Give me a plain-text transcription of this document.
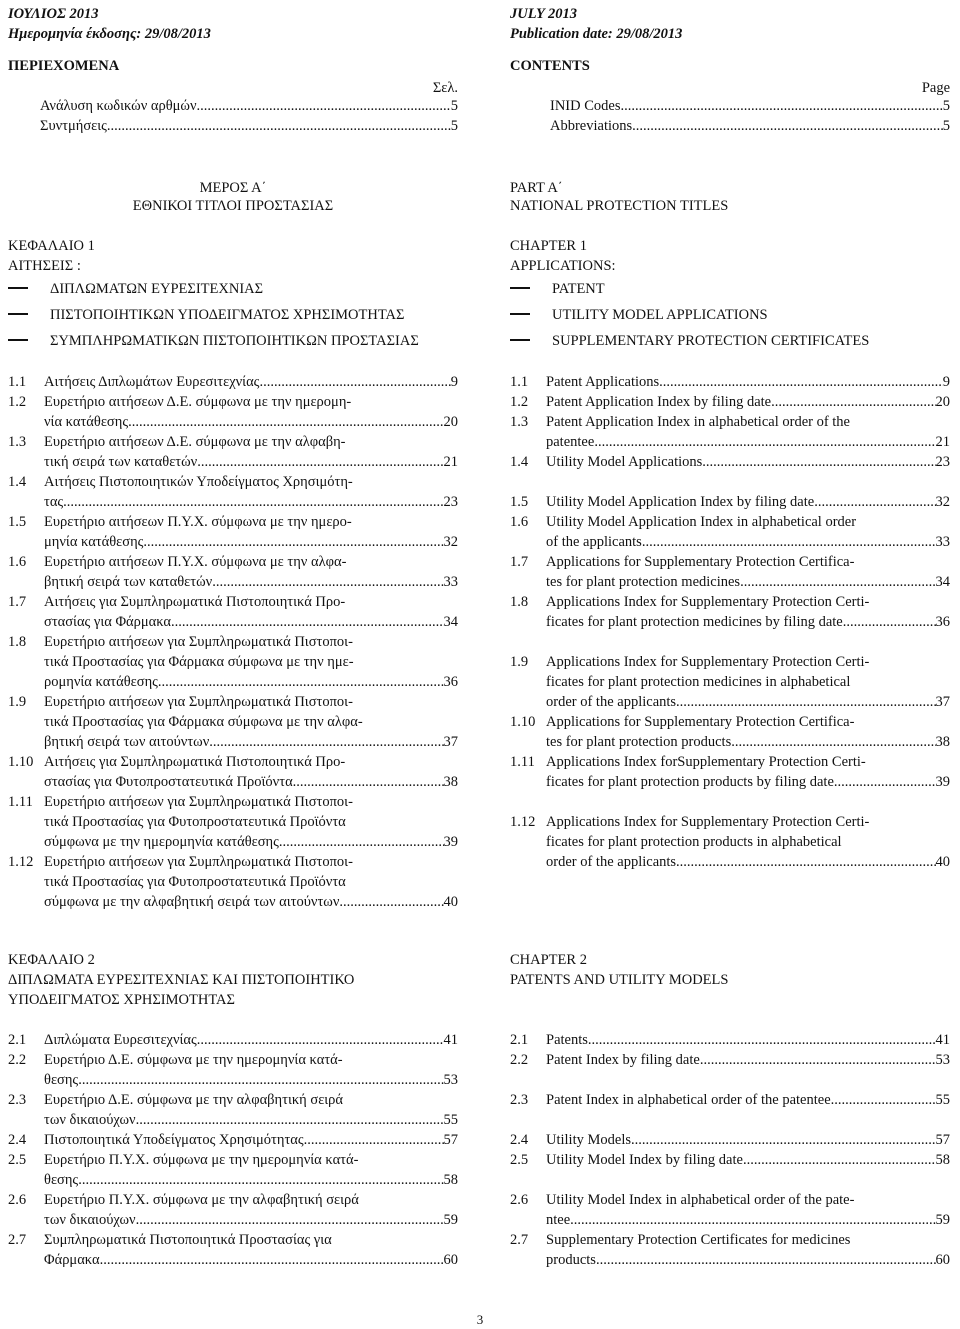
ΙΟΥΛΙΟΣ 2013
Ημερομηνία έκδοσης: 29/08/2013
ΠΕΡΙΕΧΟΜΕΝΑ
Σελ.
Ανάλυση κωδικών αρθμών .....	5
Συντμήσεις .....	5
ΜΕΡΟΣ Α΄
ΕΘΝΙΚΟΙ ΤΙΤΛΟΙ ΠΡΟΣΤΑΣΙΑΣ
ΚΕΦΑΛΑΙΟ 1
ΑΙΤΗΣΕΙΣ :
ΔΙΠΛΩΜΑΤΩΝ ΕΥΡΕΣΙΤΕΧΝΙΑΣ
ΠΙΣΤΟΠΟΙΗΤΙΚΩΝ ΥΠΟΔΕΙΓΜΑΤΟΣ ΧΡΗΣΙΜΟΤΗΤΑΣ
ΣΥΜΠΛΗΡΩΜΑΤΙΚΩΝ ΠΙΣΤΟΠΟΙΗΤΙΚΩΝ ΠΡΟΣΤΑΣΙΑΣ
1.1	Αιτήσεις Διπλωμάτων Ευρεσιτεχνίας .....	9
1.2	Ευρετήριο αιτήσεων Δ.Ε. σύμφωνα με την ημερομη-
νία κατάθεσης .....	20
1.3	Ευρετήριο αιτήσεων Δ.Ε. σύμφωνα με την αλφαβη-
τική σειρά των καταθετών .....	21
1.4	Αιτήσεις Πιστοποιητικών Υποδείγματος Χρησιμότη-
τας .....	23
1.5	Ευρετήριο αιτήσεων Π.Υ.Χ. σύμφωνα με την ημερο-
μηνία κατάθεσης .....	32
1.6	Ευρετήριο αιτήσεων Π.Υ.Χ. σύμφωνα με την αλφα-
βητική σειρά των καταθετών .....	33
1.7	Αιτήσεις για Συμπληρωματικά Πιστοποιητικά Προ-
στασίας για Φάρμακα .....	34
1.8	Ευρετήριο αιτήσεων για Συμπληρωματικά Πιστοποι-
τικά Προστασίας για Φάρμακα σύμφωνα με την ημε-
ρομηνία κατάθεσης .....	36
1.9	Ευρετήριο αιτήσεων για Συμπληρωματικά Πιστοποι-
τικά Προστασίας για Φάρμακα σύμφωνα με την αλφα-
βητική σειρά των αιτούντων .....	37
1.10 Αιτήσεις για Συμπληρωματικά Πιστοποιητικά Προ-
στασίας για Φυτοπροστατευτικά Προϊόντα .....	38
1.11 Ευρετήριο αιτήσεων για Συμπληρωματικά Πιστοποι-
τικά Προστασίας για Φυτοπροστατευτικά Προϊόντα
σύμφωνα με την ημερομηνία κατάθεσης .....	39
1.12 Ευρετήριο αιτήσεων για Συμπληρωματικά Πιστοποι-
τικά Προστασίας για Φυτοπροστατευτικά Προϊόντα
σύμφωνα με την αλφαβητική σειρά των αιτούντων .....	40
ΚΕΦΑΛΑΙΟ 2
ΔΙΠΛΩΜΑΤΑ ΕΥΡΕΣΙΤΕΧΝΙΑΣ ΚΑΙ ΠΙΣΤΟΠΟΙΗΤΙΚΟ
ΥΠΟΔΕΙΓΜΑΤΟΣ ΧΡΗΣΙΜΟΤΗΤΑΣ
2.1	Διπλώματα Ευρεσιτεχνίας .....	41
2.2	Ευρετήριο Δ.Ε. σύμφωνα με την ημερομηνία κατά-
θεσης .....	53
2.3	Ευρετήριο Δ.Ε. σύμφωνα με την αλφαβητική σειρά
των δικαιούχων .....	55
2.4	Πιστοποιητικά Υποδείγματος Χρησιμότητας .....	57
2.5	Ευρετήριο Π.Υ.Χ. σύμφωνα με την ημερομηνία κατά-
θεσης .....	58
2.6	Ευρετήριο Π.Υ.Χ. σύμφωνα με την αλφαβητική σειρά
των δικαιούχων .....	59
2.7	Συμπληρωματικά Πιστοποιητικά Προστασίας για
Φάρμακα .....	60
JULY 2013
Publication date: 29/08/2013
CONTENTS
Page
INID Codes .....	5
Abbreviations .....	5
PART A΄
NATIONAL PROTECTION TITLES
CHAPTER 1
APPLICATIONS:
PATENT
UTILITY MODEL APPLICATIONS
SUPPLEMENTARY PROTECTION CERTIFICATES
1.1	Patent Applications .....	9
1.2	Patent Application Index by filing date .....	20
1.3	Patent Application Index in alphabetical order of the
patentee .....	21
1.4	Utility Model Applications .....	23
1.5	Utility Model Application Index by filing date .....	32
1.6	Utility Model Application Index in alphabetical order
of the applicants .....	33
1.7	Applications for Supplementary Protection Certifica-
tes for plant protection medicines .....	34
1.8	Applications Index for Supplementary Protection Certi-
ficates for plant protection medicines by filing date .....	36
1.9	Applications Index for Supplementary Protection Certi-
ficates for plant protection medicines in alphabetical
order of the applicants .....	37
1.10 Applications for Supplementary Protection Certifica-
tes for plant protection products .....	38
1.11 Applications Index forSupplementary Protection Certi-
ficates for plant protection products by filing date .....	39
1.12 Applications Index for Supplementary Protection Certi-
ficates for plant protection products in alphabetical
order of the applicants .....	40
CHAPTER 2
PATENTS AND UTILITY MODELS
2.1	Patents .....	41
2.2	Patent Index by filing date .....	53
2.3	Patent Index in alphabetical order of the patentee .....	55
2.4	Utility Models .....	57
2.5	Utility Model Index by filing date .....	58
2.6	Utility Model Index in alphabetical order of the pate-
ntee .....	59
2.7	Supplementary Protection Certificates for medicines
products .....	60
3
